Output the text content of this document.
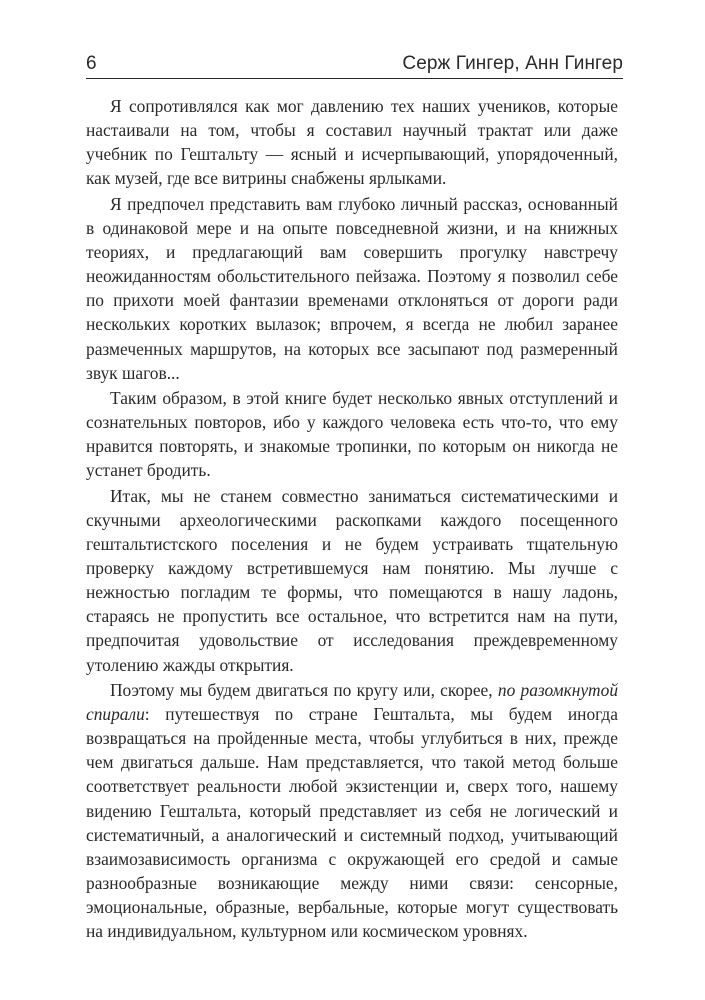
6	Серж Гингер, Анн Гингер

Я сопротивлялся как мог давлению тех наших учеников, которые настаивали на том, чтобы я составил научный трактат или даже учебник по Гештальту — ясный и исчерпывающий, упорядоченный, как музей, где все витрины снабжены ярлыками.

Я предпочел представить вам глубоко личный рассказ, основанный в одинаковой мере и на опыте повседневной жизни, и на книжных теориях, и предлагающий вам совершить прогулку навстречу неожиданностям обольстительного пейзажа. Поэтому я позволил себе по прихоти моей фантазии временами отклоняться от дороги ради нескольких коротких вылазок; впрочем, я всегда не любил заранее размеченных маршрутов, на которых все засыпают под размеренный звук шагов...

Таким образом, в этой книге будет несколько явных отступлений и сознательных повторов, ибо у каждого человека есть что-то, что ему нравится повторять, и знакомые тропинки, по которым он никогда не устанет бродить.

Итак, мы не станем совместно заниматься систематическими и скучными археологическими раскопками каждого посещенного гештальтистского поселения и не будем устраивать тщательную проверку каждому встретившемуся нам понятию. Мы лучше с нежностью погладим те формы, что помещаются в нашу ладонь, стараясь не пропустить все остальное, что встретится нам на пути, предпочитая удовольствие от исследования преждевременному утолению жажды открытия.

Поэтому мы будем двигаться по кругу или, скорее, по разомкнутой спирали: путешествуя по стране Гештальта, мы будем иногда возвращаться на пройденные места, чтобы углубиться в них, прежде чем двигаться дальше. Нам представляется, что такой метод больше соответствует реальности любой экзистенции и, сверх того, нашему видению Гештальта, который представляет из себя не логический и систематичный, а аналогический и системный подход, учитывающий взаимозависимость организма с окружающей его средой и самые разнообразные возникающие между ними связи: сенсорные, эмоциональные, образные, вербальные, которые могут существовать на индивидуальном, культурном или космическом уровнях.
